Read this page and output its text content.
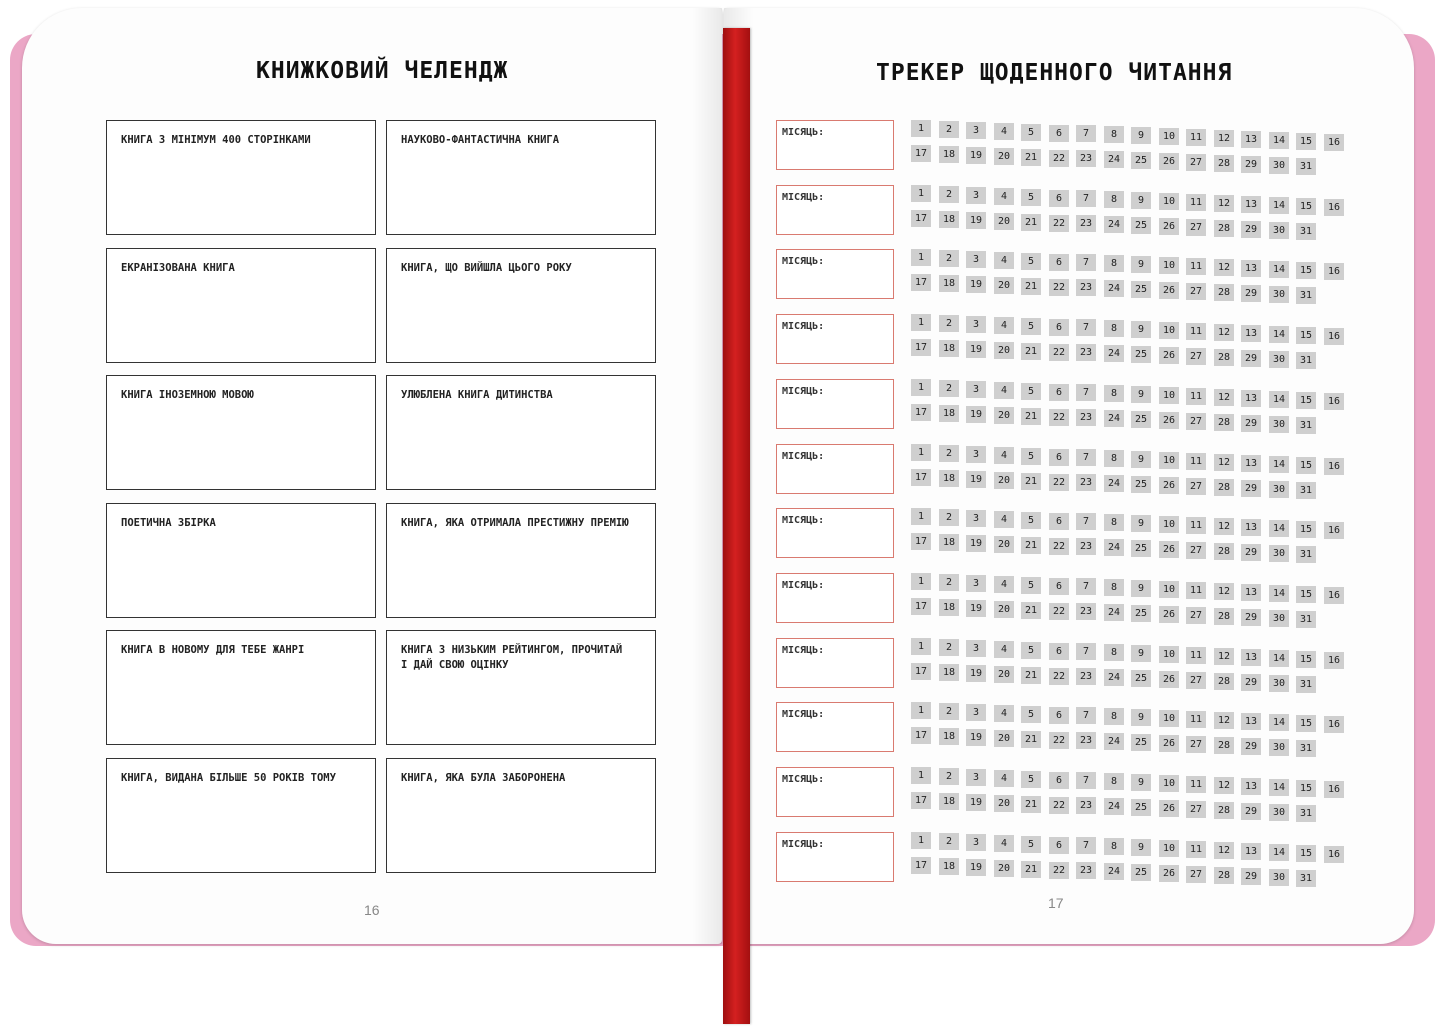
КНИЖКОВИЙ ЧЕЛЕНДЖ
КНИГА З МІНІМУМ 400 СТОРІНКАМИ	НАУКОВО-ФАНТАСТИЧНА КНИГА
ЕКРАНІЗОВАНА КНИГА	КНИГА, ЩО ВИЙШЛА ЦЬОГО РОКУ
КНИГА ІНОЗЕМНОЮ МОВОЮ	УЛЮБЛЕНА КНИГА ДИТИНСТВА
ПОЕТИЧНА ЗБІРКА	КНИГА, ЯКА ОТРИМАЛА ПРЕСТИЖНУ ПРЕМІЮ
КНИГА В НОВОМУ ДЛЯ ТЕБЕ ЖАНРІ	КНИГА З НИЗЬКИМ РЕЙТИНГОМ, ПРОЧИТАЙ
І ДАЙ СВОЮ ОЦІНКУ
КНИГА, ВИДАНА БІЛЬШЕ 50 РОКІВ ТОМУ	КНИГА, ЯКА БУЛА ЗАБОРОНЕНА
16
ТРЕКЕР ЩОДЕННОГО ЧИТАННЯ
МІСЯЦЬ:	1	2	3	4	5	6	7	8	9	10	11	12	13	14	15	16
17	18	19	20	21	22	23	24	25	26	27	28	29	30	31
МІСЯЦЬ:	1	2	3	4	5	6	7	8	9	10	11	12	13	14	15	16
17	18	19	20	21	22	23	24	25	26	27	28	29	30	31
МІСЯЦЬ:	1	2	3	4	5	6	7	8	9	10	11	12	13	14	15	16
17	18	19	20	21	22	23	24	25	26	27	28	29	30	31
МІСЯЦЬ:	1	2	3	4	5	6	7	8	9	10	11	12	13	14	15	16
17	18	19	20	21	22	23	24	25	26	27	28	29	30	31
МІСЯЦЬ:	1	2	3	4	5	6	7	8	9	10	11	12	13	14	15	16
17	18	19	20	21	22	23	24	25	26	27	28	29	30	31
МІСЯЦЬ:	1	2	3	4	5	6	7	8	9	10	11	12	13	14	15	16
17	18	19	20	21	22	23	24	25	26	27	28	29	30	31
МІСЯЦЬ:	1	2	3	4	5	6	7	8	9	10	11	12	13	14	15	16
17	18	19	20	21	22	23	24	25	26	27	28	29	30	31
МІСЯЦЬ:	1	2	3	4	5	6	7	8	9	10	11	12	13	14	15	16
17	18	19	20	21	22	23	24	25	26	27	28	29	30	31
МІСЯЦЬ:	1	2	3	4	5	6	7	8	9	10	11	12	13	14	15	16
17	18	19	20	21	22	23	24	25	26	27	28	29	30	31
МІСЯЦЬ:	1	2	3	4	5	6	7	8	9	10	11	12	13	14	15	16
17	18	19	20	21	22	23	24	25	26	27	28	29	30	31
МІСЯЦЬ:	1	2	3	4	5	6	7	8	9	10	11	12	13	14	15	16
17	18	19	20	21	22	23	24	25	26	27	28	29	30	31
МІСЯЦЬ:	1	2	3	4	5	6	7	8	9	10	11	12	13	14	15	16
17	18	19	20	21	22	23	24	25	26	27	28	29	30	31
17
